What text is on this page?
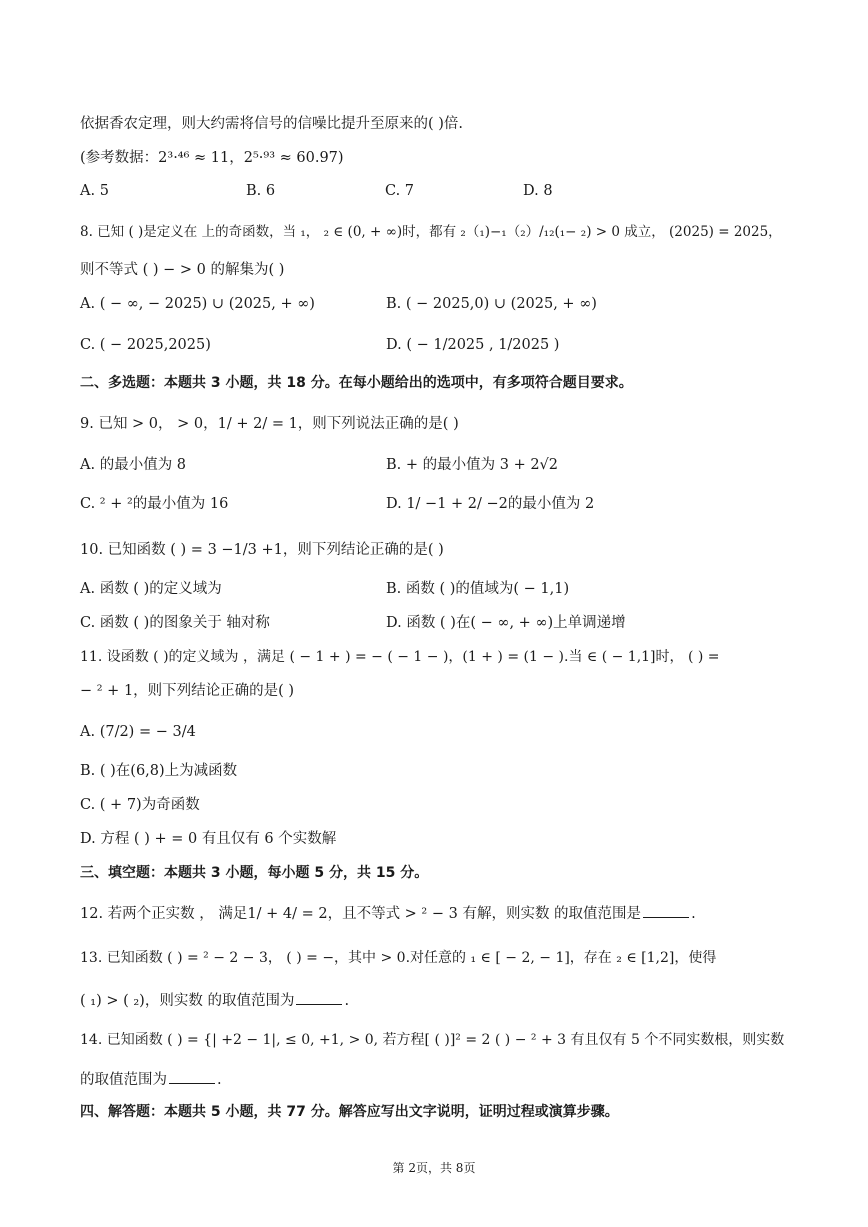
依据香农定理，则大约需将信号的信噪比提升至原来的( )倍.
(参考数据：2³·⁴⁶ ≈ 11，2⁵·⁹³ ≈ 60.97)
A. 5	B. 6	C. 7	D. 8
8. 已知 ( )是定义在 上的奇函数，当 ₁， ₂ ∈ (0, + ∞)时，都有 ₂（₁)−₁（₂）/₁₂(₁− ₂) > 0 成立， (2025) = 2025，
则不等式 ( ) − > 0 的解集为( )
A. ( − ∞, − 2025) ∪ (2025, + ∞)	B. ( − 2025,0) ∪ (2025, + ∞)
C. ( − 2025,2025)	D. ( − 1/2025 , 1/2025 )
二、多选题：本题共 3 小题，共 18 分。在每小题给出的选项中，有多项符合题目要求。
9. 已知 > 0， > 0，1/ + 2/ = 1，则下列说法正确的是( )
A. 的最小值为 8	B. + 的最小值为 3 + 2√2
C. ² + ²的最小值为 16	D. 1/ −1 + 2/ −2的最小值为 2
10. 已知函数 ( ) = 3 −1/3 +1，则下列结论正确的是( )
A. 函数 ( )的定义域为	B. 函数 ( )的值域为( − 1,1)
C. 函数 ( )的图象关于 轴对称	D. 函数 ( )在( − ∞, + ∞)上单调递增
11. 设函数 ( )的定义域为 ，满足 ( − 1 + ) = − ( − 1 − )，(1 + ) = (1 − ).当 ∈ ( − 1,1]时， ( ) =
− ² + 1，则下列结论正确的是( )
A. (7/2) = − 3/4
B. ( )在(6,8)上为减函数
C. ( + 7)为奇函数
D. 方程 ( ) + = 0 有且仅有 6 个实数解
三、填空题：本题共 3 小题，每小题 5 分，共 15 分。
12. 若两个正实数 ， 满足1/ + 4/ = 2，且不等式 > ² − 3 有解，则实数 的取值范围是	.
13. 已知函数 ( ) = ² − 2 − 3， ( ) = −，其中 > 0.对任意的 ₁ ∈ [ − 2, − 1]，存在 ₂ ∈ [1,2]，使得
( ₁) > ( ₂)，则实数 的取值范围为	.
14. 已知函数 ( ) = {| +2 − 1|, ≤ 0, +1, > 0, 若方程[ ( )]² = 2 ( ) − ² + 3 有且仅有 5 个不同实数根，则实数
的取值范围为	.
四、解答题：本题共 5 小题，共 77 分。解答应写出文字说明，证明过程或演算步骤。
第 2页，共 8页
